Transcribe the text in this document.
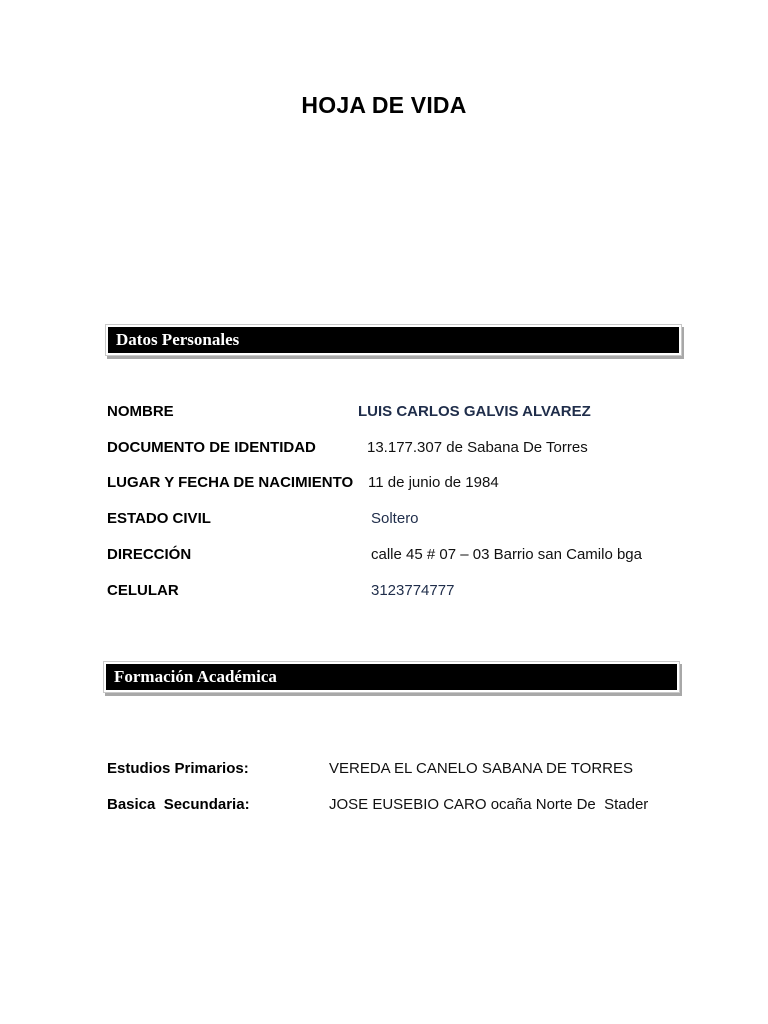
HOJA DE VIDA
Datos Personales
NOMBRE	LUIS CARLOS GALVIS ALVAREZ
DOCUMENTO DE IDENTIDAD	13.177.307 de Sabana De Torres
LUGAR Y FECHA DE NACIMIENTO 11 de junio de 1984
ESTADO CIVIL	Soltero
DIRECCIÓN	calle 45 # 07 – 03 Barrio san Camilo bga
CELULAR	3123774777
Formación Académica
Estudios Primarios:	VEREDA EL CANELO SABANA DE TORRES
Basica  Secundaria:	JOSE EUSEBIO CARO ocaña Norte De  Stader
